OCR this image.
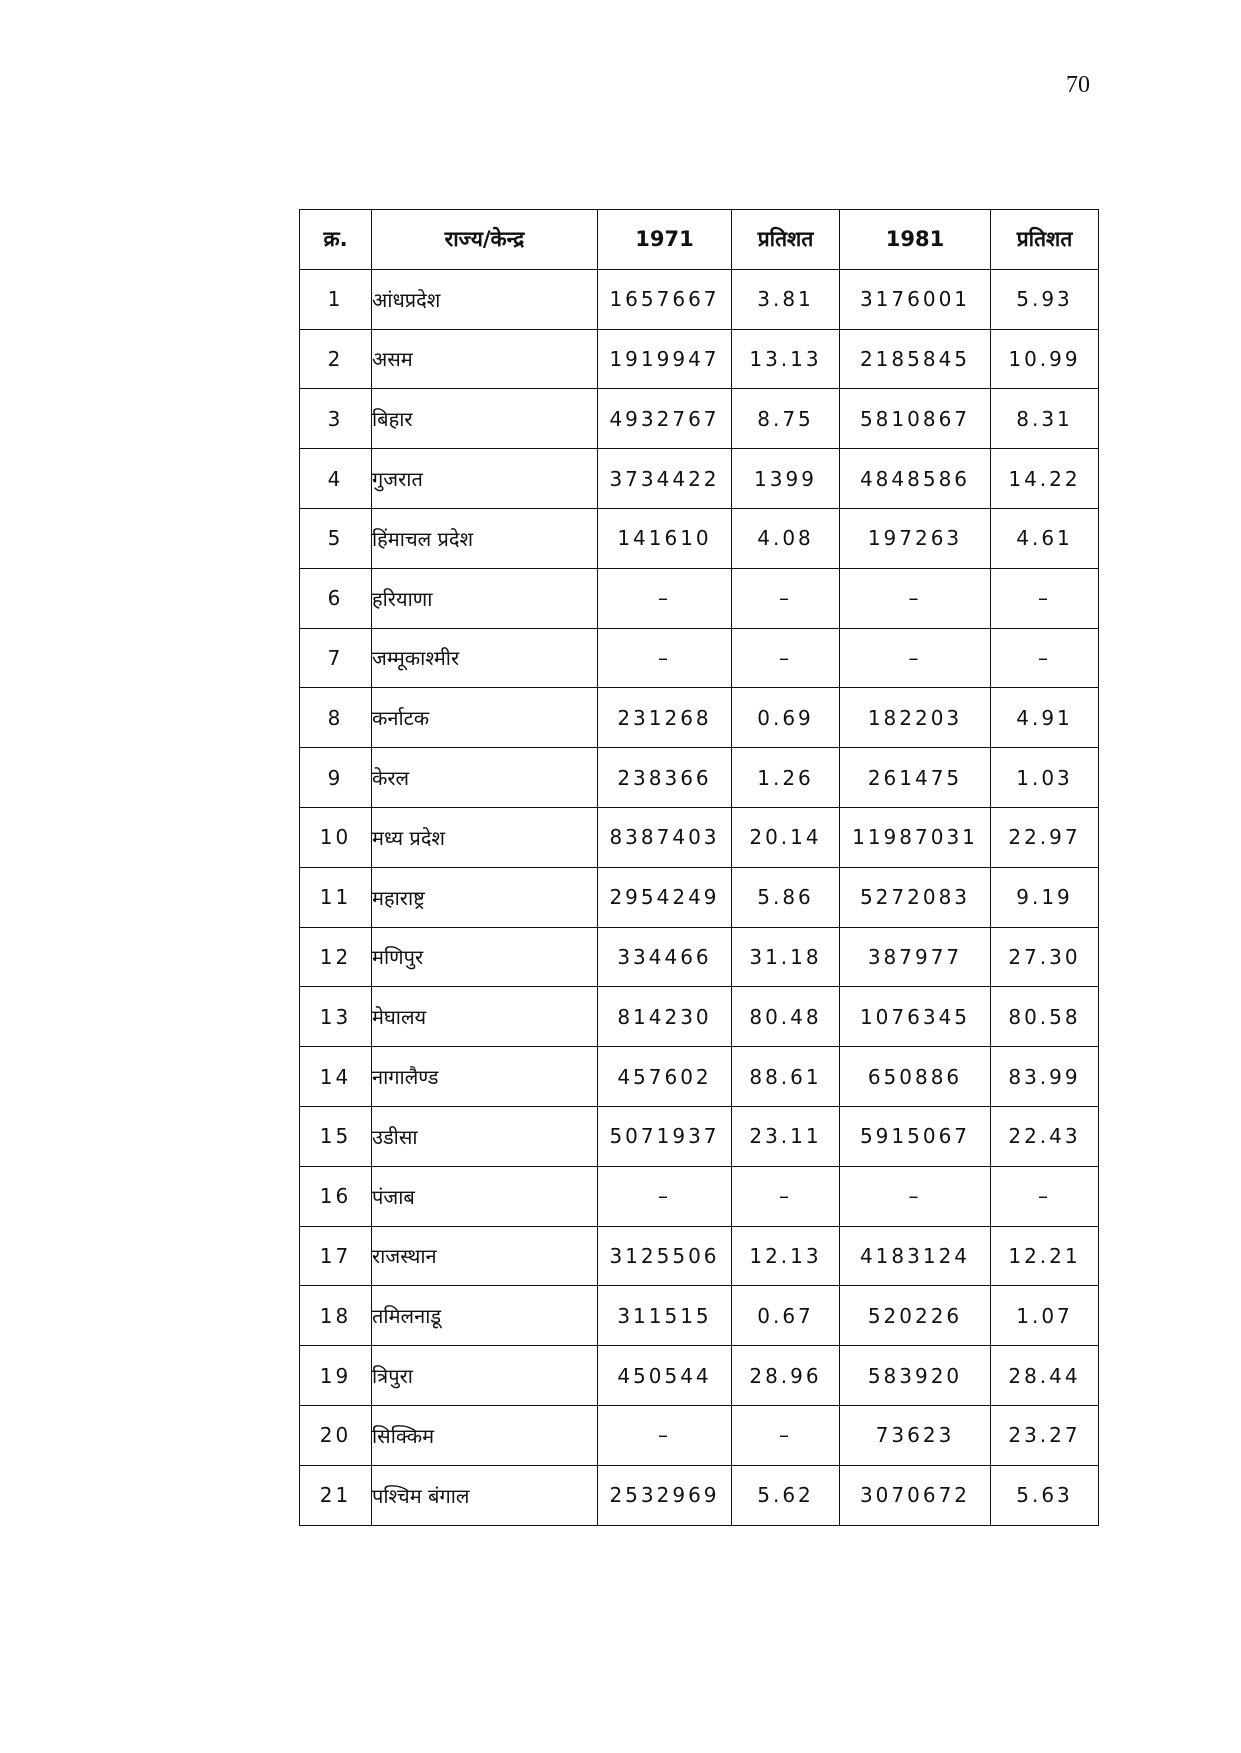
70
क्र.	राज्य/केन्द्र	1971	प्रतिशत	1981	प्रतिशत
1	आंधप्रदेश	1657667	3.81	3176001	5.93
2	असम	1919947	13.13	2185845	10.99
3	बिहार	4932767	8.75	5810867	8.31
4	गुजरात	3734422	1399	4848586	14.22
5	हिंमाचल प्रदेश	141610	4.08	197263	4.61
6	हरियाणा	–	–	–	–
7	जम्मूकाश्मीर	–	–	–	–
8	कर्नाटक	231268	0.69	182203	4.91
9	केरल	238366	1.26	261475	1.03
10	मध्य प्रदेश	8387403	20.14	11987031	22.97
11	महाराष्ट्र	2954249	5.86	5272083	9.19
12	मणिपुर	334466	31.18	387977	27.30
13	मेघालय	814230	80.48	1076345	80.58
14	नागालैण्ड	457602	88.61	650886	83.99
15	उडीसा	5071937	23.11	5915067	22.43
16	पंजाब	–	–	–	–
17	राजस्थान	3125506	12.13	4183124	12.21
18	तमिलनाडू	311515	0.67	520226	1.07
19	त्रिपुरा	450544	28.96	583920	28.44
20	सिक्किम	–	–	73623	23.27
21	पश्चिम बंगाल	2532969	5.62	3070672	5.63
